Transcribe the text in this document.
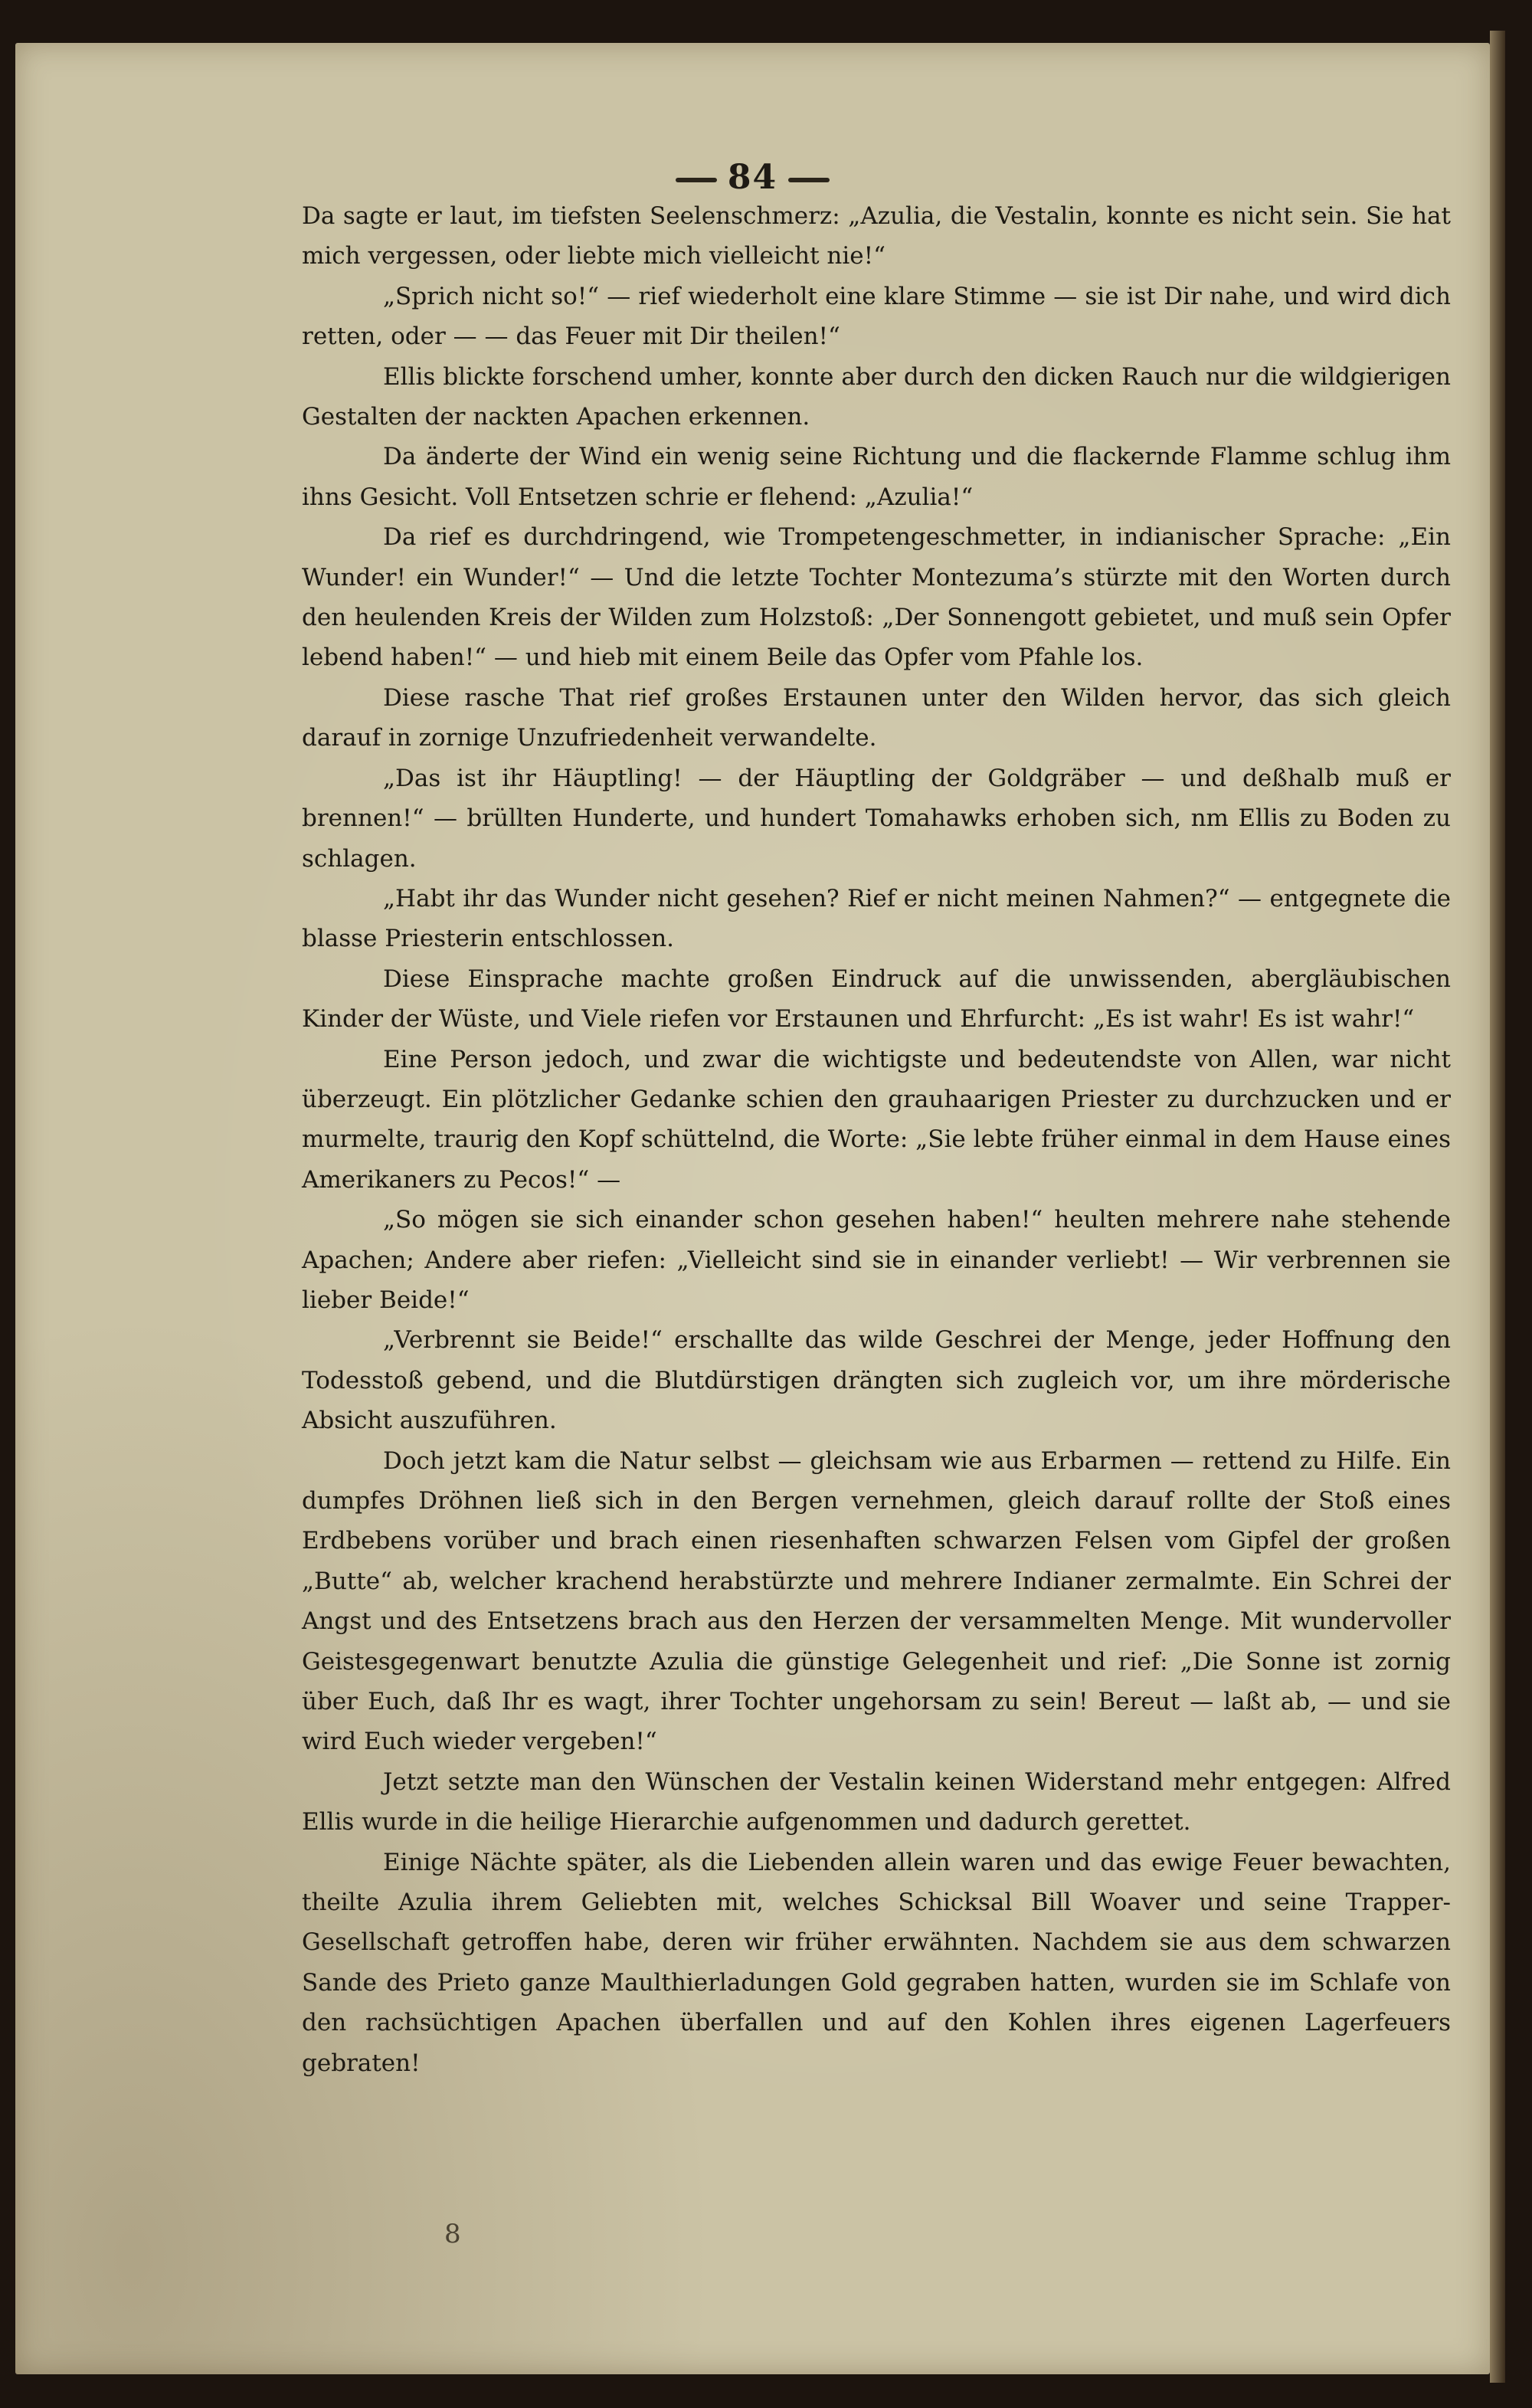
84

Da sagte er laut, im tiefsten Seelenschmerz: „Azulia, die Vestalin, konnte es nicht sein. Sie hat mich vergessen, oder liebte mich vielleicht nie!“

„Sprich nicht so!“ — rief wiederholt eine klare Stimme — sie ist Dir nahe, und wird dich retten, oder — — das Feuer mit Dir theilen!“

Ellis blickte forschend umher, konnte aber durch den dicken Rauch nur die wildgierigen Gestalten der nackten Apachen erkennen.

Da änderte der Wind ein wenig seine Richtung und die flackernde Flamme schlug ihm ihns Gesicht. Voll Entsetzen schrie er flehend: „Azulia!“

Da rief es durchdringend, wie Trompetengeschmetter, in indianischer Sprache: „Ein Wunder! ein Wunder!“ — Und die letzte Tochter Montezuma’s stürzte mit den Worten durch den heulenden Kreis der Wilden zum Holzstoß: „Der Sonnengott gebietet, und muß sein Opfer lebend haben!“ — und hieb mit einem Beile das Opfer vom Pfahle los.

Diese rasche That rief großes Erstaunen unter den Wilden hervor, das sich gleich darauf in zornige Unzufriedenheit verwandelte.

„Das ist ihr Häuptling! — der Häuptling der Goldgräber — und deßhalb muß er brennen!“ — brüllten Hunderte, und hundert Tomahawks erhoben sich, nm Ellis zu Boden zu schlagen.

„Habt ihr das Wunder nicht gesehen? Rief er nicht meinen Nahmen?“ — entgegnete die blasse Priesterin entschlossen.

Diese Einsprache machte großen Eindruck auf die unwissenden, abergläubischen Kinder der Wüste, und Viele riefen vor Erstaunen und Ehrfurcht: „Es ist wahr! Es ist wahr!“

Eine Person jedoch, und zwar die wichtigste und bedeutendste von Allen, war nicht überzeugt. Ein plötzlicher Gedanke schien den grauhaarigen Priester zu durchzucken und er murmelte, traurig den Kopf schüttelnd, die Worte: „Sie lebte früher einmal in dem Hause eines Amerikaners zu Pecos!“ —

„So mögen sie sich einander schon gesehen haben!“ heulten mehrere nahe stehende Apachen; Andere aber riefen: „Vielleicht sind sie in einander verliebt! — Wir verbrennen sie lieber Beide!“

„Verbrennt sie Beide!“ erschallte das wilde Geschrei der Menge, jeder Hoffnung den Todesstoß gebend, und die Blutdürstigen drängten sich zugleich vor, um ihre mörderische Absicht auszuführen.

Doch jetzt kam die Natur selbst — gleichsam wie aus Erbarmen — rettend zu Hilfe. Ein dumpfes Dröhnen ließ sich in den Bergen vernehmen, gleich darauf rollte der Stoß eines Erdbebens vorüber und brach einen riesenhaften schwarzen Felsen vom Gipfel der großen „Butte“ ab, welcher krachend herabstürzte und mehrere Indianer zermalmte. Ein Schrei der Angst und des Entsetzens brach aus den Herzen der versammelten Menge. Mit wundervoller Geistesgegenwart benutzte Azulia die günstige Gelegenheit und rief: „Die Sonne ist zornig über Euch, daß Ihr es wagt, ihrer Tochter ungehorsam zu sein! Bereut — laßt ab, — und sie wird Euch wieder vergeben!“

Jetzt setzte man den Wünschen der Vestalin keinen Widerstand mehr entgegen: Alfred Ellis wurde in die heilige Hierarchie aufgenommen und dadurch gerettet.

Einige Nächte später, als die Liebenden allein waren und das ewige Feuer bewachten, theilte Azulia ihrem Geliebten mit, welches Schicksal Bill Woaver und seine Trapper-Gesellschaft getroffen habe, deren wir früher erwähnten. Nachdem sie aus dem schwarzen Sande des Prieto ganze Maulthierladungen Gold gegraben hatten, wurden sie im Schlafe von den rachsüchtigen Apachen überfallen und auf den Kohlen ihres eigenen Lagerfeuers gebraten!

8
